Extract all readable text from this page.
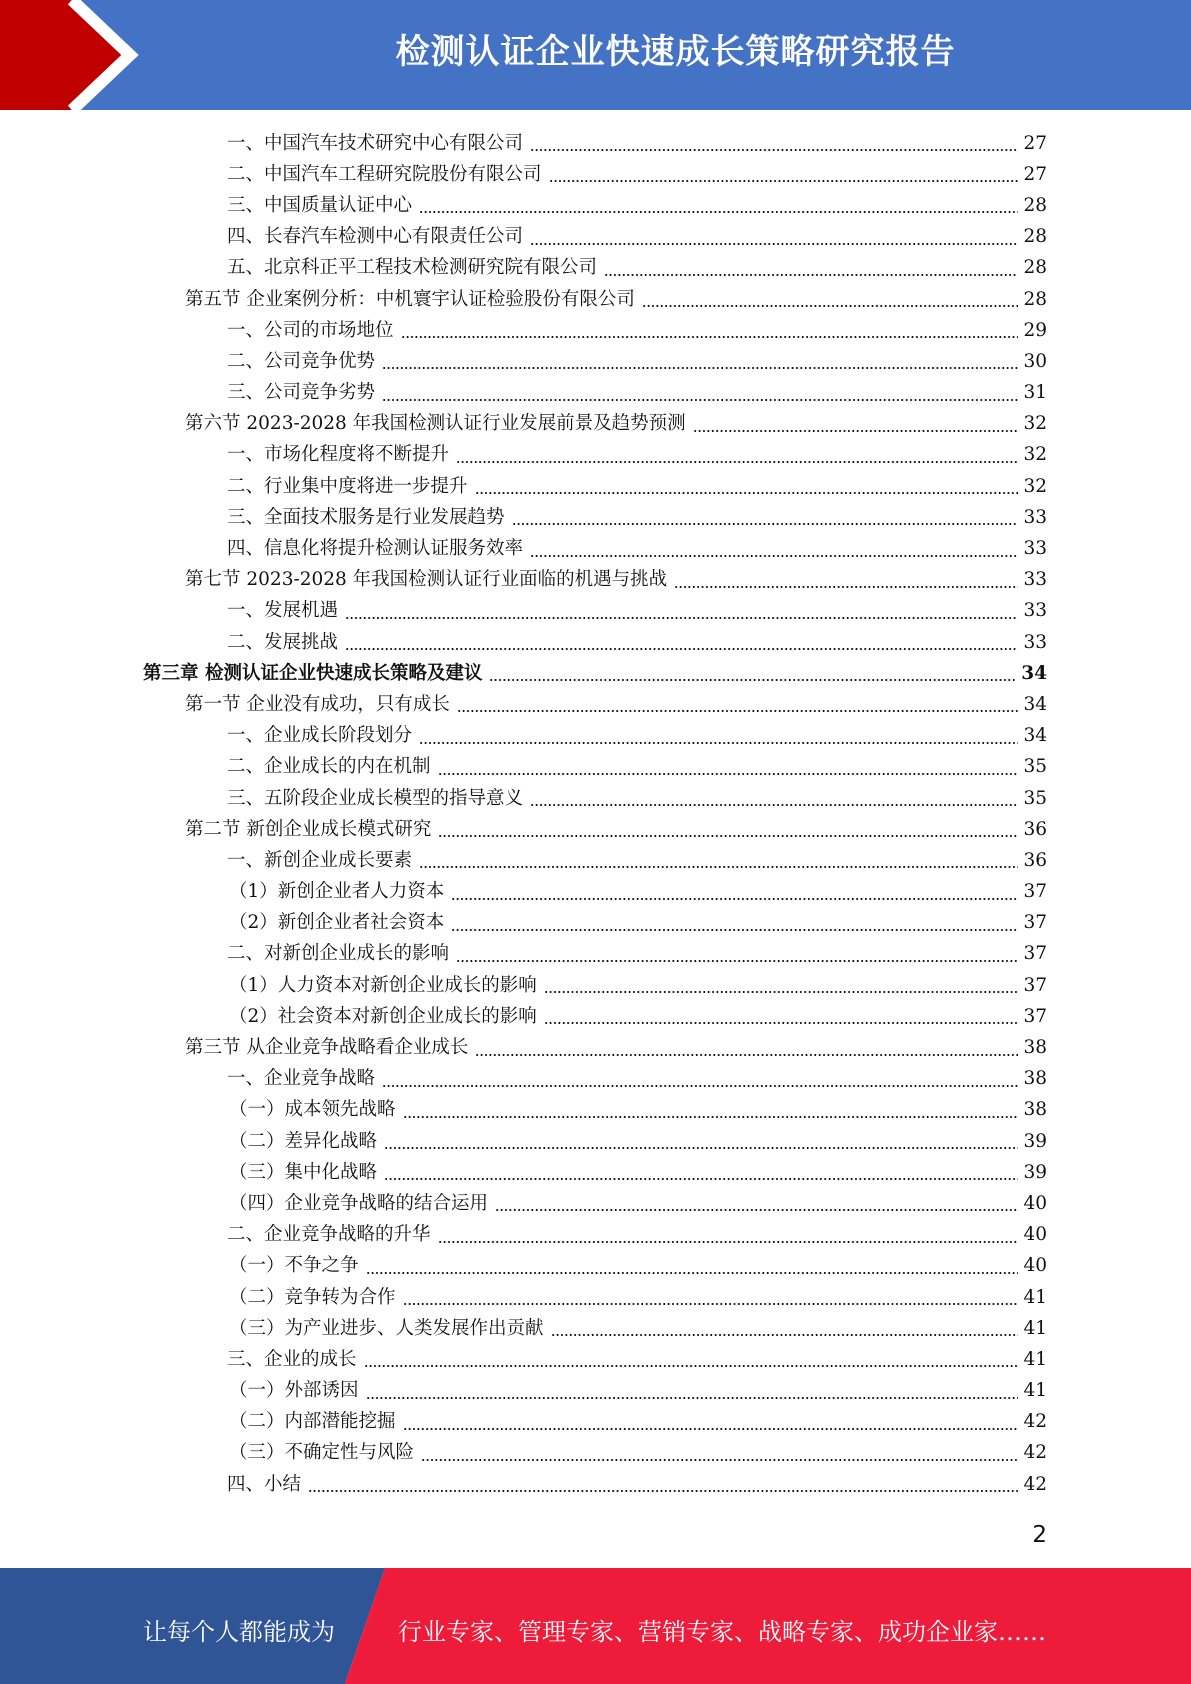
检测认证企业快速成长策略研究报告
一、中国汽车技术研究中心有限公司	27
二、中国汽车工程研究院股份有限公司	27
三、中国质量认证中心	28
四、长春汽车检测中心有限责任公司	28
五、北京科正平工程技术检测研究院有限公司	28
第五节 企业案例分析：中机寰宇认证检验股份有限公司	28
一、公司的市场地位	29
二、公司竞争优势	30
三、公司竞争劣势	31
第六节 2023-2028 年我国检测认证行业发展前景及趋势预测	32
一、市场化程度将不断提升	32
二、行业集中度将进一步提升	32
三、全面技术服务是行业发展趋势	33
四、信息化将提升检测认证服务效率	33
第七节 2023-2028 年我国检测认证行业面临的机遇与挑战	33
一、发展机遇	33
二、发展挑战	33
第三章 检测认证企业快速成长策略及建议	34
第一节 企业没有成功，只有成长	34
一、企业成长阶段划分	34
二、企业成长的内在机制	35
三、五阶段企业成长模型的指导意义	35
第二节 新创企业成长模式研究	36
一、新创企业成长要素	36
（1）新创企业者人力资本	37
（2）新创企业者社会资本	37
二、对新创企业成长的影响	37
（1）人力资本对新创企业成长的影响	37
（2）社会资本对新创企业成长的影响	37
第三节 从企业竞争战略看企业成长	38
一、企业竞争战略	38
（一）成本领先战略	38
（二）差异化战略	39
（三）集中化战略	39
（四）企业竞争战略的结合运用	40
二、企业竞争战略的升华	40
（一）不争之争	40
（二）竞争转为合作	41
（三）为产业进步、人类发展作出贡献	41
三、企业的成长	41
（一）外部诱因	41
（二）内部潜能挖掘	42
（三）不确定性与风险	42
四、小结	42
2
让每个人都能成为	行业专家、管理专家、营销专家、战略专家、成功企业家……
